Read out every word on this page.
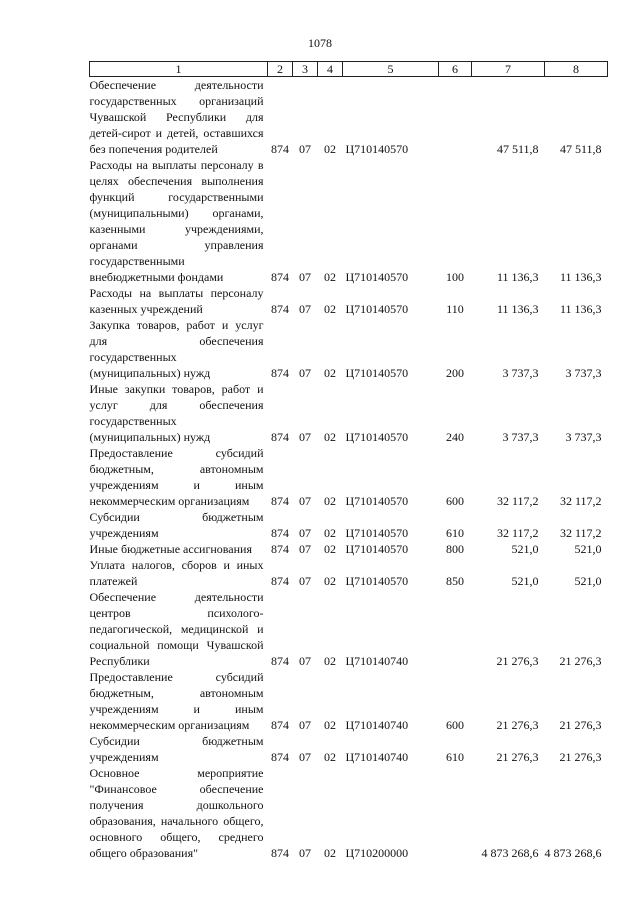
1078
1	2	3	4	5	6	7	8
Обеспечение деятельности государственных организаций Чувашской Республики для детей-сирот и детей, оставшихся без попечения родителей	874	07	02	Ц710140570		47 511,8	47 511,8
Расходы на выплаты персоналу в целях обеспечения выполнения функций государственными (муниципальными) органами, казенными учреждениями, органами управления государственными внебюджетными фондами	874	07	02	Ц710140570	100	11 136,3	11 136,3
Расходы на выплаты персоналу казенных учреждений	874	07	02	Ц710140570	110	11 136,3	11 136,3
Закупка товаров, работ и услуг для обеспечения государственных (муниципальных) нужд	874	07	02	Ц710140570	200	3 737,3	3 737,3
Иные закупки товаров, работ и услуг для обеспечения государственных (муниципальных) нужд	874	07	02	Ц710140570	240	3 737,3	3 737,3
Предоставление субсидий бюджетным, автономным учреждениям и иным некоммерческим организациям	874	07	02	Ц710140570	600	32 117,2	32 117,2
Субсидии бюджетным учреждениям	874	07	02	Ц710140570	610	32 117,2	32 117,2
Иные бюджетные ассигнования	874	07	02	Ц710140570	800	521,0	521,0
Уплата налогов, сборов и иных платежей	874	07	02	Ц710140570	850	521,0	521,0
Обеспечение деятельности центров психолого-педагогической, медицинской и социальной помощи Чувашской Республики	874	07	02	Ц710140740		21 276,3	21 276,3
Предоставление субсидий бюджетным, автономным учреждениям и иным некоммерческим организациям	874	07	02	Ц710140740	600	21 276,3	21 276,3
Субсидии бюджетным учреждениям	874	07	02	Ц710140740	610	21 276,3	21 276,3
Основное мероприятие "Финансовое обеспечение получения дошкольного образования, начального общего, основного общего, среднего общего образования"	874	07	02	Ц710200000		4 873 268,6	4 873 268,6
